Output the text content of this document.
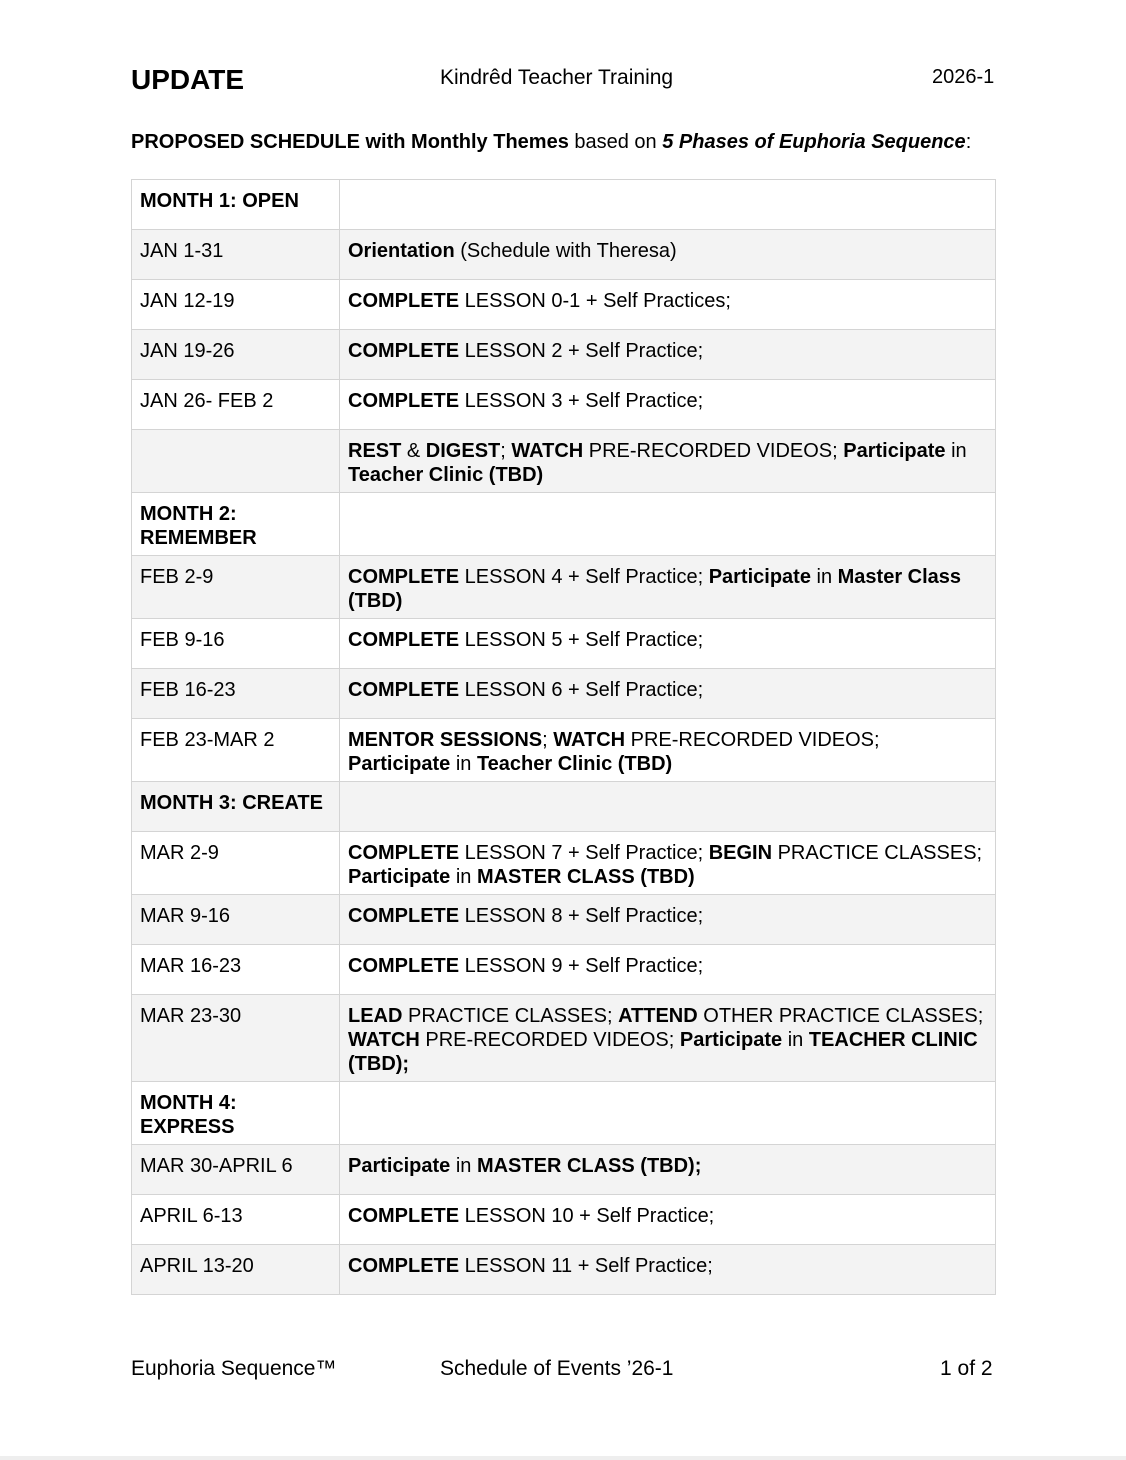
UPDATE	Kindrêd Teacher Training	2026-1
PROPOSED SCHEDULE with Monthly Themes based on 5 Phases of Euphoria Sequence:
MONTH 1: OPEN	

JAN 1-31	Orientation (Schedule with Theresa)

JAN 12-19	COMPLETE LESSON 0-1 + Self Practices;

JAN 19-26	COMPLETE LESSON 2 + Self Practice;

JAN 26- FEB 2	COMPLETE LESSON 3 + Self Practice;

	REST & DIGEST; WATCH PRE-RECORDED VIDEOS; Participate in Teacher Clinic (TBD)

MONTH 2: REMEMBER	

FEB 2-9	COMPLETE LESSON 4 + Self Practice; Participate in Master Class (TBD)

FEB 9-16	COMPLETE LESSON 5 + Self Practice;

FEB 16-23	COMPLETE LESSON 6 + Self Practice;

FEB 23-MAR 2	MENTOR SESSIONS; WATCH PRE-RECORDED VIDEOS; Participate in Teacher Clinic (TBD)

MONTH 3: CREATE	

MAR 2-9	COMPLETE LESSON 7 + Self Practice; BEGIN PRACTICE CLASSES; Participate in MASTER CLASS (TBD)

MAR 9-16	COMPLETE LESSON 8 + Self Practice;

MAR 16-23	COMPLETE LESSON 9 + Self Practice;

MAR 23-30	LEAD PRACTICE CLASSES; ATTEND OTHER PRACTICE CLASSES; WATCH PRE-RECORDED VIDEOS; Participate in TEACHER CLINIC (TBD);

MONTH 4: EXPRESS	

MAR 30-APRIL 6	Participate in MASTER CLASS (TBD);

APRIL 6-13	COMPLETE LESSON 10 + Self Practice;

APRIL 13-20	COMPLETE LESSON 11 + Self Practice;
Euphoria Sequence™	Schedule of Events ’26-1	1 of 2
